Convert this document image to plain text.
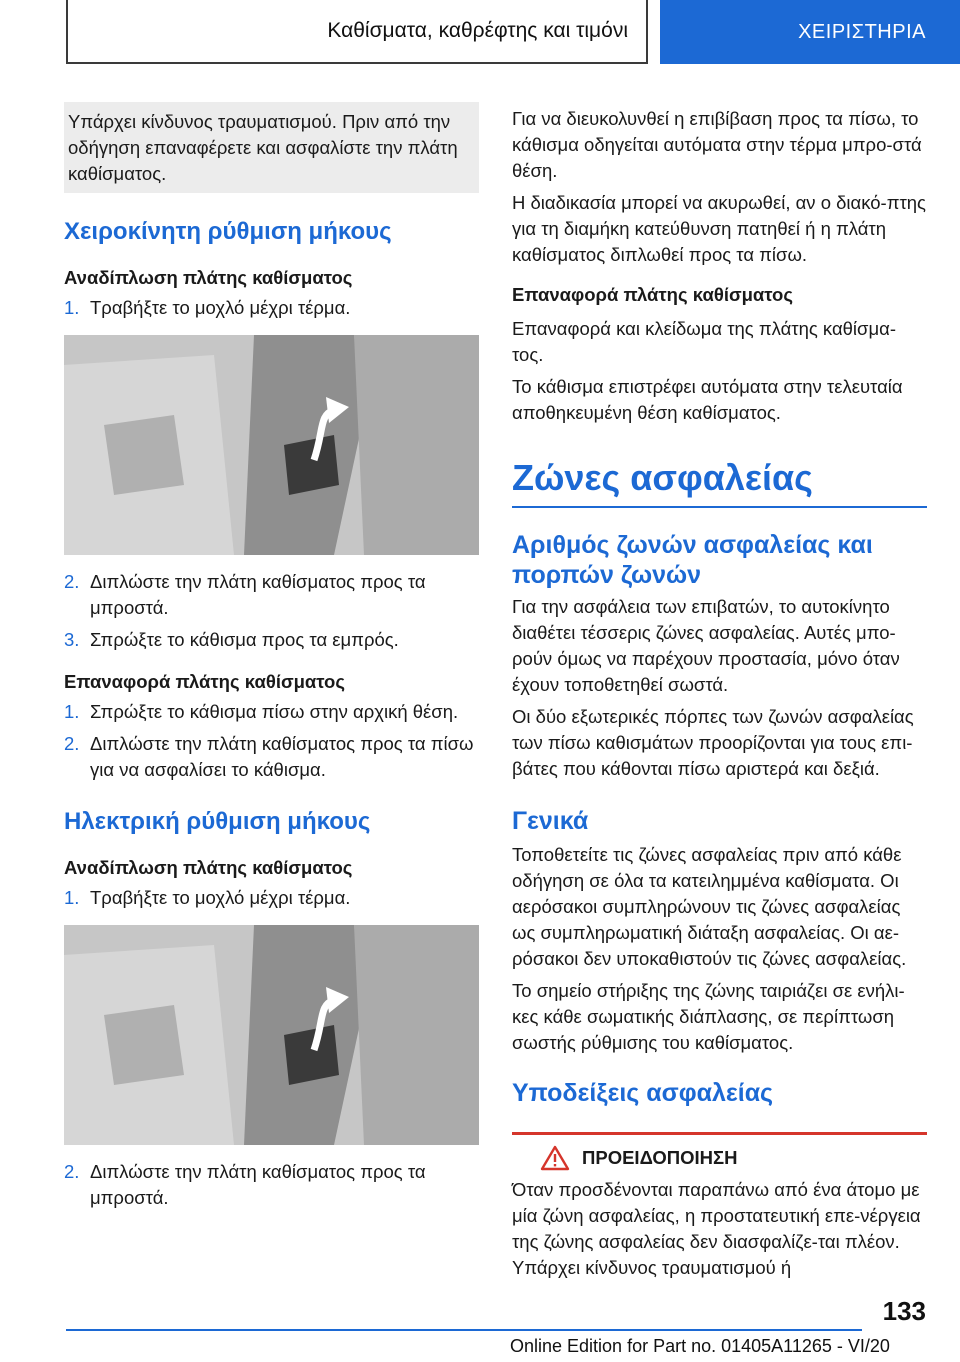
Καθίσματα, καθρέφτης και τιμόνι	ΧΕΙΡΙΣΤΗΡΙΑ

Υπάρχει κίνδυνος τραυματισμού. Πριν από την οδήγηση επαναφέρετε και ασφαλίστε την πλάτη καθίσματος.

Χειροκίνητη ρύθμιση μήκους
Αναδίπλωση πλάτης καθίσματος
1. Τραβήξτε το μοχλό μέχρι τέρμα.
2. Διπλώστε την πλάτη καθίσματος προς τα μπροστά.
3. Σπρώξτε το κάθισμα προς τα εμπρός.
Επαναφορά πλάτης καθίσματος
1. Σπρώξτε το κάθισμα πίσω στην αρχική θέση.
2. Διπλώστε την πλάτη καθίσματος προς τα πίσω για να ασφαλίσει το κάθισμα.
Ηλεκτρική ρύθμιση μήκους
Αναδίπλωση πλάτης καθίσματος
1. Τραβήξτε το μοχλό μέχρι τέρμα.
2. Διπλώστε την πλάτη καθίσματος προς τα μπροστά.

Για να διευκολυνθεί η επιβίβαση προς τα πίσω, το κάθισμα οδηγείται αυτόματα στην τέρμα μπρο-στά θέση.

Η διαδικασία μπορεί να ακυρωθεί, αν ο διακό-πτης για τη διαμήκη κατεύθυνση πατηθεί ή η πλάτη καθίσματος διπλωθεί προς τα πίσω.

Επαναφορά πλάτης καθίσματος

Επαναφορά και κλείδωμα της πλάτης καθίσμα-τος.

Το κάθισμα επιστρέφει αυτόματα στην τελευταία αποθηκευμένη θέση καθίσματος.

Ζώνες ασφαλείας
Αριθμός ζωνών ασφαλείας και πορπών ζωνών

Για την ασφάλεια των επιβατών, το αυτοκίνητο διαθέτει τέσσερις ζώνες ασφαλείας. Αυτές μπο-ρούν όμως να παρέχουν προστασία, μόνο όταν έχουν τοποθετηθεί σωστά.

Οι δύο εξωτερικές πόρπες των ζωνών ασφαλείας των πίσω καθισμάτων προορίζονται για τους επι-βάτες που κάθονται πίσω αριστερά και δεξιά.

Γενικά

Τοποθετείτε τις ζώνες ασφαλείας πριν από κάθε οδήγηση σε όλα τα κατειλημμένα καθίσματα. Οι αερόσακοι συμπληρώνουν τις ζώνες ασφαλείας ως συμπληρωματική διάταξη ασφαλείας. Οι αε-ρόσακοι δεν υποκαθιστούν τις ζώνες ασφαλείας.

Το σημείο στήριξης της ζώνης ταιριάζει σε ενήλι-κες κάθε σωματικής διάπλασης, σε περίπτωση σωστής ρύθμισης του καθίσματος.

Υποδείξεις ασφαλείας
ΠΡΟΕΙΔΟΠΟΙΗΣΗ

Όταν προσδένονται παραπάνω από ένα άτομο με μία ζώνη ασφαλείας, η προστατευτική επε-νέργεια της ζώνης ασφαλείας δεν διασφαλίζε-ται πλέον. Υπάρχει κίνδυνος τραυματισμού ή

133
Online Edition for Part no. 01405A11265 - VI/20
